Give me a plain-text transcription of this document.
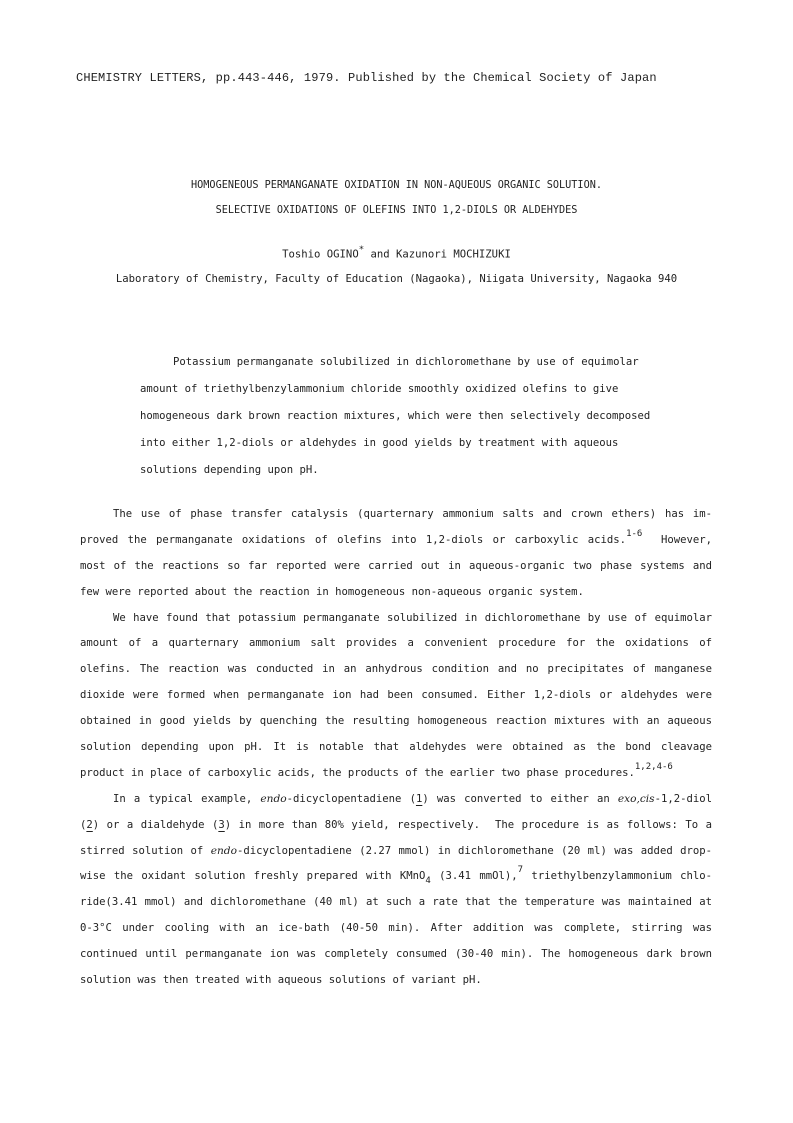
CHEMISTRY LETTERS, pp.443-446, 1979. Published by the Chemical Society of Japan
HOMOGENEOUS PERMANGANATE OXIDATION IN NON-AQUEOUS ORGANIC SOLUTION.
SELECTIVE OXIDATIONS OF OLEFINS INTO 1,2-DIOLS OR ALDEHYDES
Toshio OGINO* and Kazunori MOCHIZUKI
Laboratory of Chemistry, Faculty of Education (Nagaoka), Niigata University, Nagaoka 940
Potassium permanganate solubilized in dichloromethane by use of equimolar
amount of triethylbenzylammonium chloride smoothly oxidized olefins to give
homogeneous dark brown reaction mixtures, which were then selectively decomposed
into either 1,2-diols or aldehydes in good yields by treatment with aqueous
solutions depending upon pH.
The use of phase transfer catalysis (quarternary ammonium salts and crown ethers) has im-
proved the permanganate oxidations of olefins into 1,2-diols or carboxylic acids.$^{1-6}$  However,
most of the reactions so far reported were carried out in aqueous-organic two phase systems and
few were reported about the reaction in homogeneous non-aqueous organic system.
We have found that potassium permanganate solubilized in dichloromethane by use of equimolar
amount of a quarternary ammonium salt provides a convenient procedure for the oxidations of
olefins. The reaction was conducted in an anhydrous condition and no precipitates of manganese
dioxide were formed when permanganate ion had been consumed. Either 1,2-diols or aldehydes were
obtained in good yields by quenching the resulting homogeneous reaction mixtures with an aqueous
solution depending upon pH. It is notable that aldehydes were obtained as the bond cleavage
product in place of carboxylic acids, the products of the earlier two phase procedures.$^{1,2,4-6}$
In a typical example, endo-dicyclopentadiene (1) was converted to either an exo,cis-1,2-diol
(2) or a dialdehyde (3) in more than 80% yield, respectively.  The procedure is as follows: To a
stirred solution of endo-dicyclopentadiene (2.27 mmol) in dichloromethane (20 ml) was added drop-
wise the oxidant solution freshly prepared with KMnO$_4$ (3.41 mmOl),$^7$ triethylbenzylammonium chlo-
ride(3.41 mmol) and dichloromethane (40 ml) at such a rate that the temperature was maintained at
0-3°C under cooling with an ice-bath (40-50 min). After addition was complete, stirring was
continued until permanganate ion was completely consumed (30-40 min). The homogeneous dark brown
solution was then treated with aqueous solutions of variant pH.
